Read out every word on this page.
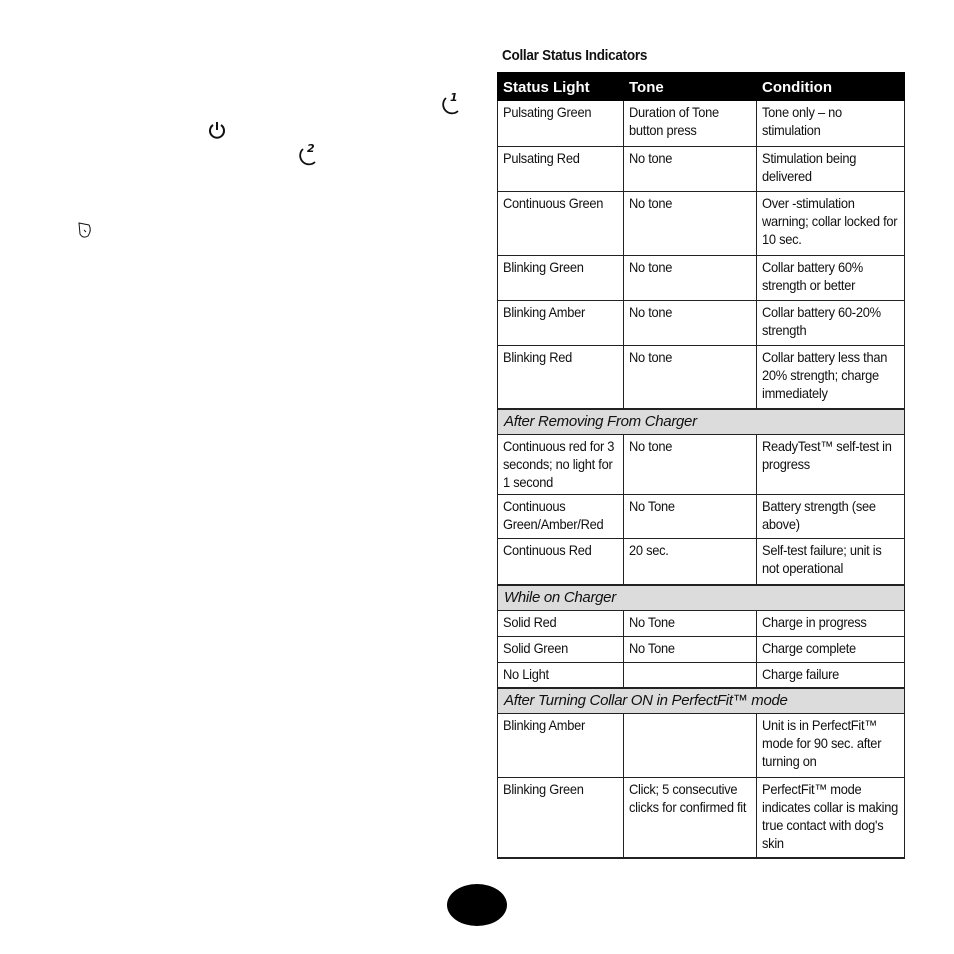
1
2
Collar Status Indicators
Status Light	Tone	Condition

Pulsating Green	Duration of Tone button press	Tone only – no stimulation

Pulsating Red	No tone	Stimulation being delivered

Continuous Green	No tone	Over -stimulation warning; collar locked for 10 sec.

Blinking Green	No tone	Collar battery 60% strength or better

Blinking Amber	No tone	Collar battery 60-20% strength

Blinking Red	No tone	Collar battery less than 20% strength; charge immediately

After Removing From Charger		

Continuous red for 3 seconds; no light for 1 second	No tone	ReadyTest™ self-test in progress

Continuous Green/Amber/Red	No Tone	Battery strength (see above)

Continuous Red	20 sec.	Self-test failure; unit is not operational

While on Charger		

Solid Red	No Tone	Charge in progress

Solid Green	No Tone	Charge complete

No Light		Charge failure

After Turning Collar ON in PerfectFit™ mode		

Blinking Amber		Unit is in PerfectFit™ mode for 90 sec. after turning on

Blinking Green	Click; 5 consecutive clicks for confirmed fit	PerfectFit™ mode indicates collar is making true contact with dog's skin
